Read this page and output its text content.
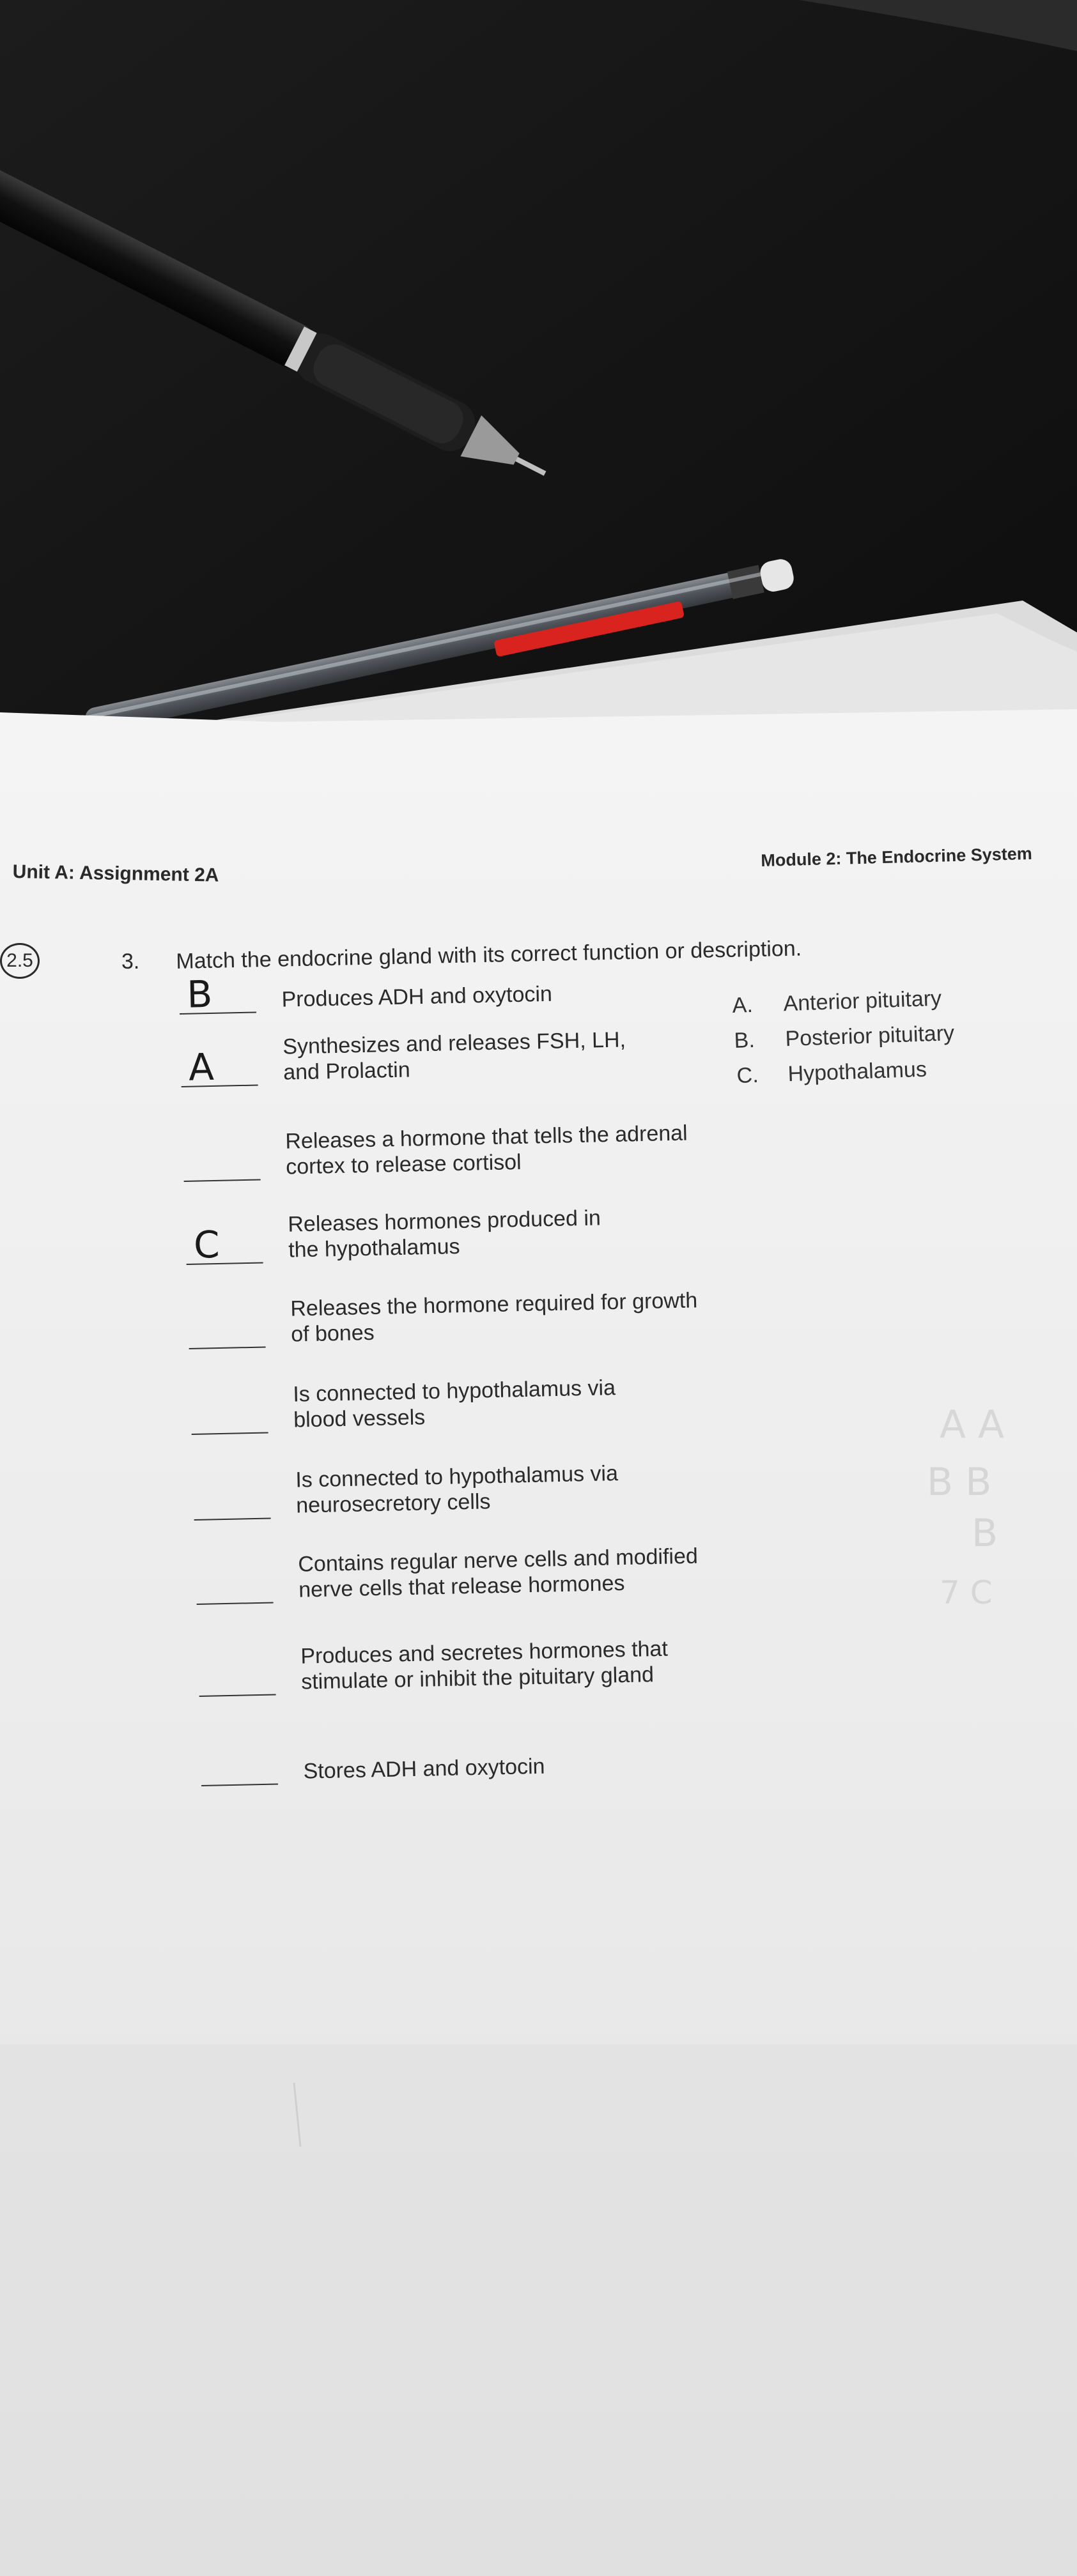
A A
B B
B
7 C
Unit A: Assignment 2A
Module 2: The Endocrine System
2.5	3. Match the endocrine gland with its correct function or description.
A. Anterior pituitary
B. Posterior pituitary
C. Hypothalamus
B	Produces ADH and oxytocin
A
Synthesizes and releases FSH, LH,
and Prolactin
Releases a hormone that tells the adrenal
cortex to release cortisol
C
Releases hormones produced in
the hypothalamus
Releases the hormone required for growth
of bones
Is connected to hypothalamus via
blood vessels
Is connected to hypothalamus via
neurosecretory cells
Contains regular nerve cells and modified
nerve cells that release hormones
Produces and secretes hormones that
stimulate or inhibit the pituitary gland
Stores ADH and oxytocin
